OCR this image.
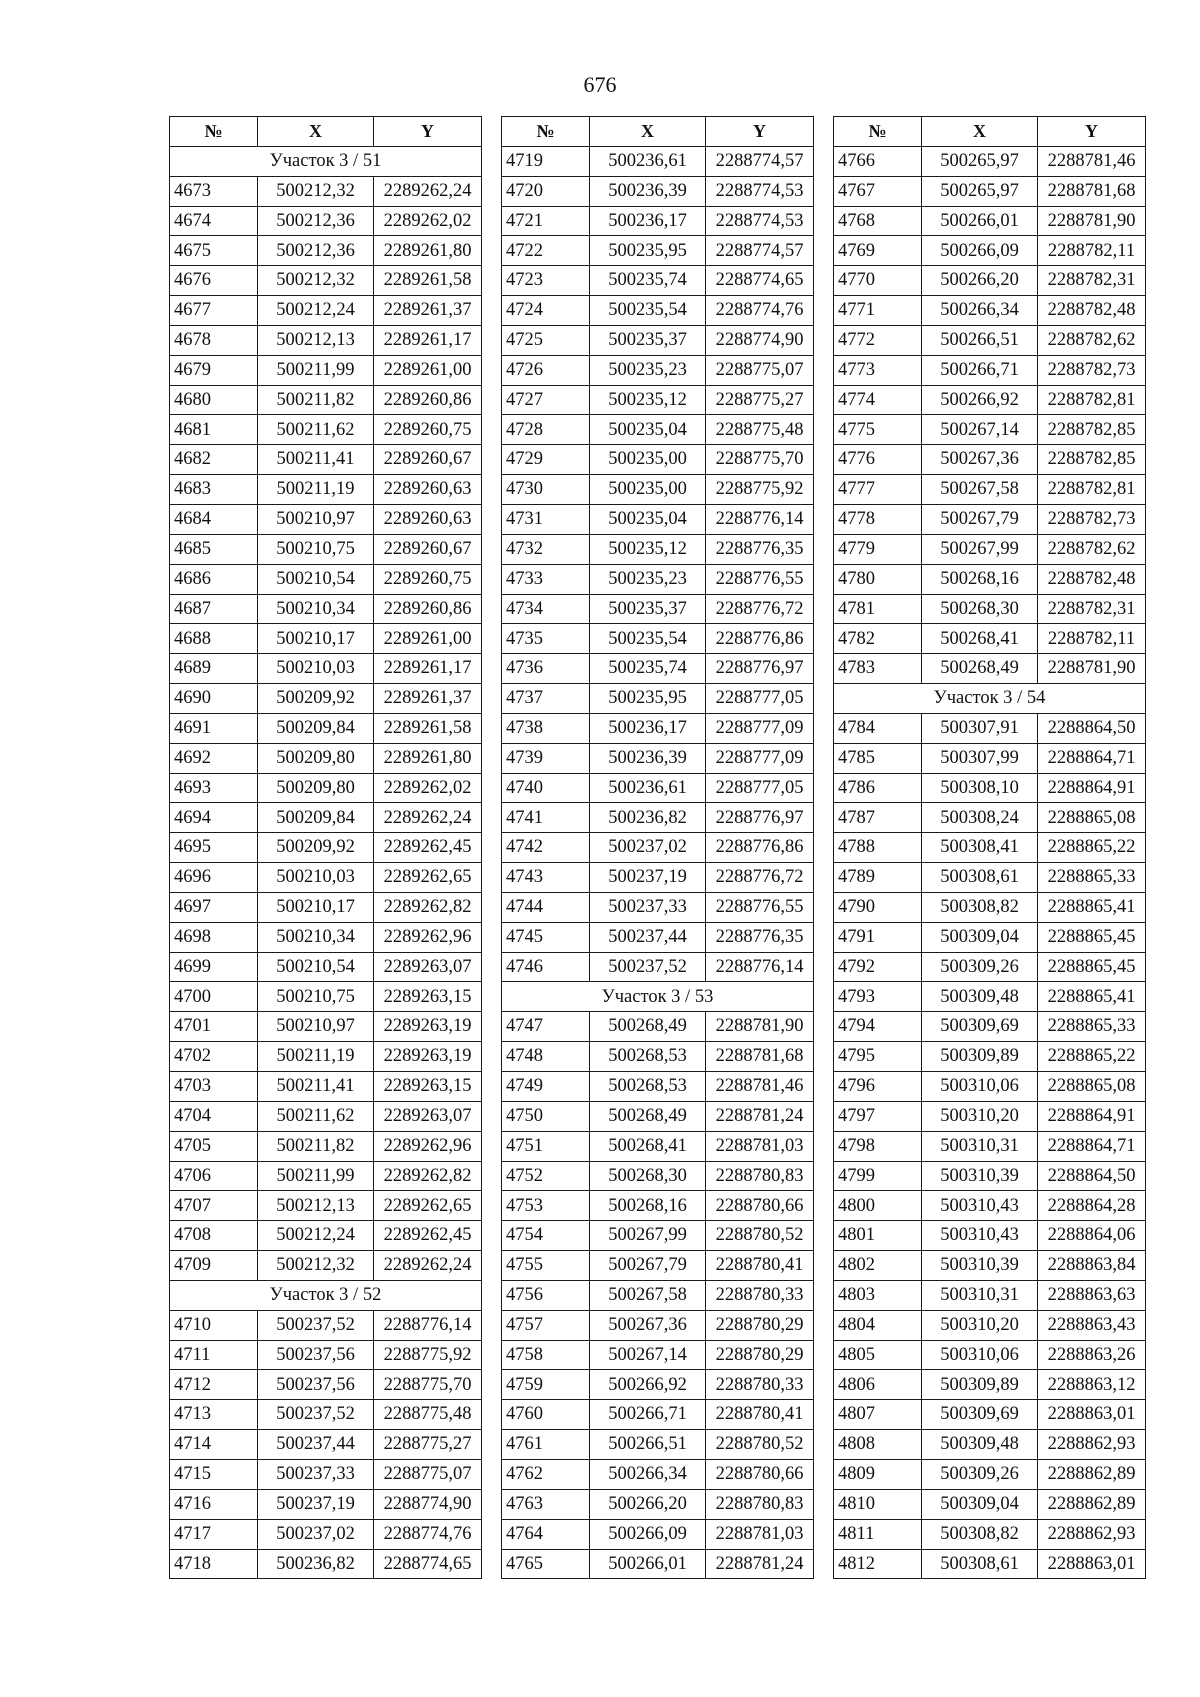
676
№	X	Y
Участок 3 / 51		
4673	500212,32	2289262,24
4674	500212,36	2289262,02
4675	500212,36	2289261,80
4676	500212,32	2289261,58
4677	500212,24	2289261,37
4678	500212,13	2289261,17
4679	500211,99	2289261,00
4680	500211,82	2289260,86
4681	500211,62	2289260,75
4682	500211,41	2289260,67
4683	500211,19	2289260,63
4684	500210,97	2289260,63
4685	500210,75	2289260,67
4686	500210,54	2289260,75
4687	500210,34	2289260,86
4688	500210,17	2289261,00
4689	500210,03	2289261,17
4690	500209,92	2289261,37
4691	500209,84	2289261,58
4692	500209,80	2289261,80
4693	500209,80	2289262,02
4694	500209,84	2289262,24
4695	500209,92	2289262,45
4696	500210,03	2289262,65
4697	500210,17	2289262,82
4698	500210,34	2289262,96
4699	500210,54	2289263,07
4700	500210,75	2289263,15
4701	500210,97	2289263,19
4702	500211,19	2289263,19
4703	500211,41	2289263,15
4704	500211,62	2289263,07
4705	500211,82	2289262,96
4706	500211,99	2289262,82
4707	500212,13	2289262,65
4708	500212,24	2289262,45
4709	500212,32	2289262,24
Участок 3 / 52		
4710	500237,52	2288776,14
4711	500237,56	2288775,92
4712	500237,56	2288775,70
4713	500237,52	2288775,48
4714	500237,44	2288775,27
4715	500237,33	2288775,07
4716	500237,19	2288774,90
4717	500237,02	2288774,76
4718	500236,82	2288774,65
№	X	Y
4719	500236,61	2288774,57
4720	500236,39	2288774,53
4721	500236,17	2288774,53
4722	500235,95	2288774,57
4723	500235,74	2288774,65
4724	500235,54	2288774,76
4725	500235,37	2288774,90
4726	500235,23	2288775,07
4727	500235,12	2288775,27
4728	500235,04	2288775,48
4729	500235,00	2288775,70
4730	500235,00	2288775,92
4731	500235,04	2288776,14
4732	500235,12	2288776,35
4733	500235,23	2288776,55
4734	500235,37	2288776,72
4735	500235,54	2288776,86
4736	500235,74	2288776,97
4737	500235,95	2288777,05
4738	500236,17	2288777,09
4739	500236,39	2288777,09
4740	500236,61	2288777,05
4741	500236,82	2288776,97
4742	500237,02	2288776,86
4743	500237,19	2288776,72
4744	500237,33	2288776,55
4745	500237,44	2288776,35
4746	500237,52	2288776,14
Участок 3 / 53		
4747	500268,49	2288781,90
4748	500268,53	2288781,68
4749	500268,53	2288781,46
4750	500268,49	2288781,24
4751	500268,41	2288781,03
4752	500268,30	2288780,83
4753	500268,16	2288780,66
4754	500267,99	2288780,52
4755	500267,79	2288780,41
4756	500267,58	2288780,33
4757	500267,36	2288780,29
4758	500267,14	2288780,29
4759	500266,92	2288780,33
4760	500266,71	2288780,41
4761	500266,51	2288780,52
4762	500266,34	2288780,66
4763	500266,20	2288780,83
4764	500266,09	2288781,03
4765	500266,01	2288781,24
№	X	Y
4766	500265,97	2288781,46
4767	500265,97	2288781,68
4768	500266,01	2288781,90
4769	500266,09	2288782,11
4770	500266,20	2288782,31
4771	500266,34	2288782,48
4772	500266,51	2288782,62
4773	500266,71	2288782,73
4774	500266,92	2288782,81
4775	500267,14	2288782,85
4776	500267,36	2288782,85
4777	500267,58	2288782,81
4778	500267,79	2288782,73
4779	500267,99	2288782,62
4780	500268,16	2288782,48
4781	500268,30	2288782,31
4782	500268,41	2288782,11
4783	500268,49	2288781,90
Участок 3 / 54		
4784	500307,91	2288864,50
4785	500307,99	2288864,71
4786	500308,10	2288864,91
4787	500308,24	2288865,08
4788	500308,41	2288865,22
4789	500308,61	2288865,33
4790	500308,82	2288865,41
4791	500309,04	2288865,45
4792	500309,26	2288865,45
4793	500309,48	2288865,41
4794	500309,69	2288865,33
4795	500309,89	2288865,22
4796	500310,06	2288865,08
4797	500310,20	2288864,91
4798	500310,31	2288864,71
4799	500310,39	2288864,50
4800	500310,43	2288864,28
4801	500310,43	2288864,06
4802	500310,39	2288863,84
4803	500310,31	2288863,63
4804	500310,20	2288863,43
4805	500310,06	2288863,26
4806	500309,89	2288863,12
4807	500309,69	2288863,01
4808	500309,48	2288862,93
4809	500309,26	2288862,89
4810	500309,04	2288862,89
4811	500308,82	2288862,93
4812	500308,61	2288863,01
